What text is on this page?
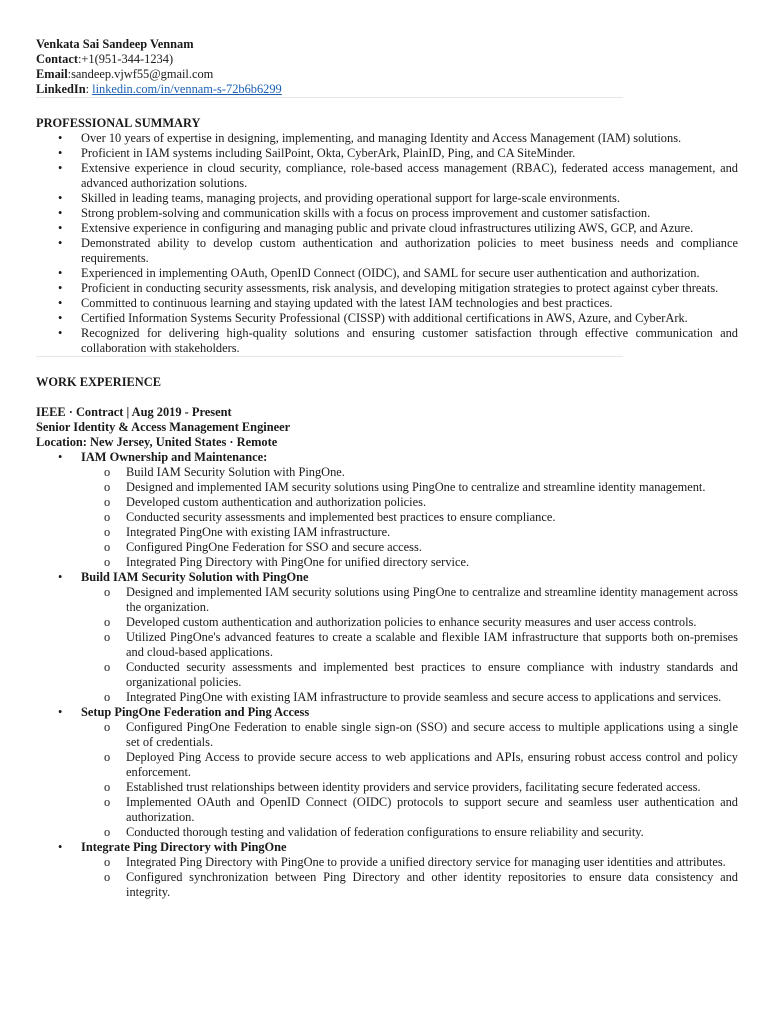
Venkata Sai Sandeep Vennam
Contact:+1(951-344-1234)
Email:sandeep.vjwf55@gmail.com
LinkedIn: linkedin.com/in/vennam-s-72b6b6299
PROFESSIONAL SUMMARY
• Over 10 years of expertise in designing, implementing, and managing Identity and Access Management (IAM) solutions.
• Proficient in IAM systems including SailPoint, Okta, CyberArk, PlainID, Ping, and CA SiteMinder.
• Extensive experience in cloud security, compliance, role-based access management (RBAC), federated access management, and advanced authorization solutions.
• Skilled in leading teams, managing projects, and providing operational support for large-scale environments.
• Strong problem-solving and communication skills with a focus on process improvement and customer satisfaction.
• Extensive experience in configuring and managing public and private cloud infrastructures utilizing AWS, GCP, and Azure.
• Demonstrated ability to develop custom authentication and authorization policies to meet business needs and compliance requirements.
• Experienced in implementing OAuth, OpenID Connect (OIDC), and SAML for secure user authentication and authorization.
• Proficient in conducting security assessments, risk analysis, and developing mitigation strategies to protect against cyber threats.
• Committed to continuous learning and staying updated with the latest IAM technologies and best practices.
• Certified Information Systems Security Professional (CISSP) with additional certifications in AWS, Azure, and CyberArk.
• Recognized for delivering high-quality solutions and ensuring customer satisfaction through effective communication and collaboration with stakeholders.
WORK EXPERIENCE
IEEE · Contract | Aug 2019 - Present
Senior Identity & Access Management Engineer
Location: New Jersey, United States · Remote
• IAM Ownership and Maintenance:
o Build IAM Security Solution with PingOne.
o Designed and implemented IAM security solutions using PingOne to centralize and streamline identity management.
o Developed custom authentication and authorization policies.
o Conducted security assessments and implemented best practices to ensure compliance.
o Integrated PingOne with existing IAM infrastructure.
o Configured PingOne Federation for SSO and secure access.
o Integrated Ping Directory with PingOne for unified directory service.
• Build IAM Security Solution with PingOne
o Designed and implemented IAM security solutions using PingOne to centralize and streamline identity management across the organization.
o Developed custom authentication and authorization policies to enhance security measures and user access controls.
o Utilized PingOne's advanced features to create a scalable and flexible IAM infrastructure that supports both on-premises and cloud-based applications.
o Conducted security assessments and implemented best practices to ensure compliance with industry standards and organizational policies.
o Integrated PingOne with existing IAM infrastructure to provide seamless and secure access to applications and services.
• Setup PingOne Federation and Ping Access
o Configured PingOne Federation to enable single sign-on (SSO) and secure access to multiple applications using a single set of credentials.
o Deployed Ping Access to provide secure access to web applications and APIs, ensuring robust access control and policy enforcement.
o Established trust relationships between identity providers and service providers, facilitating secure federated access.
o Implemented OAuth and OpenID Connect (OIDC) protocols to support secure and seamless user authentication and authorization.
o Conducted thorough testing and validation of federation configurations to ensure reliability and security.
• Integrate Ping Directory with PingOne
o Integrated Ping Directory with PingOne to provide a unified directory service for managing user identities and attributes.
o Configured synchronization between Ping Directory and other identity repositories to ensure data consistency and integrity.
